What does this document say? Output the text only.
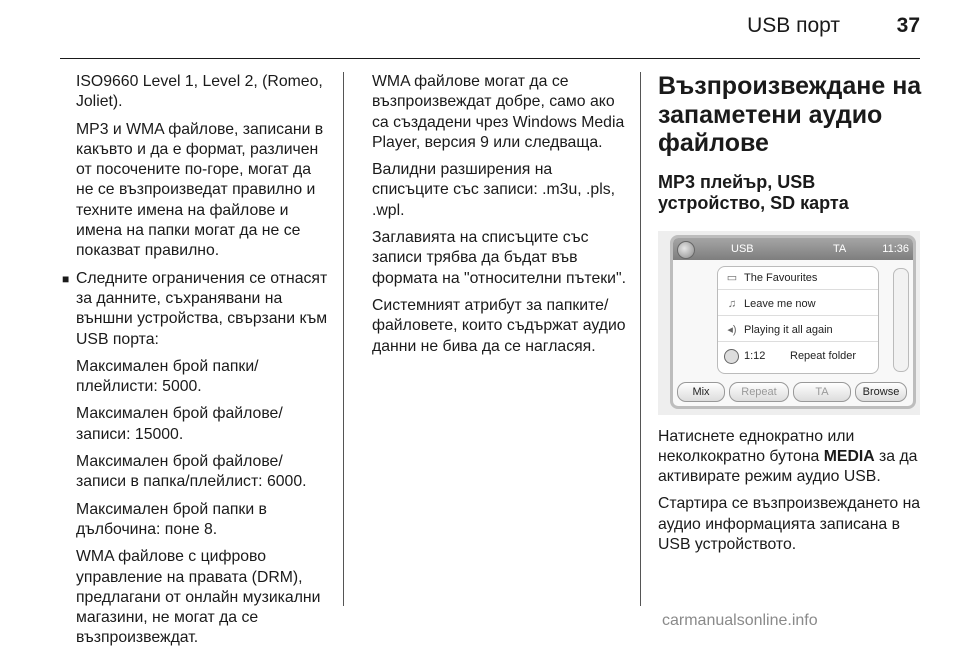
USB порт	37

ISO9660 Level 1, Level 2, (Romeo, Joliet).

MP3 и WMA файлове, записани в какъвто и да е формат, различен от посочените по-горе, могат да не се възпроизведат правилно и техните имена на файлове и имена на папки могат да не се показват правилно.

■ Следните ограничения се отнасят за данните, съхранявани на външни устройства, свързани към USB порта:

Максимален брой папки/ плейлисти: 5000.

Максимален брой файлове/ записи: 15000.

Максимален брой файлове/ записи в папка/плейлист: 6000.

Максимален брой папки в дълбочина: поне 8.

WMA файлове с цифрово управление на правата (DRM), предлагани от онлайн музикални магазини, не могат да се възпроизвеждат.

WMA файлове могат да се възпроизвеждат добре, само ако са създадени чрез Windows Media Player, версия 9 или следваща.

Валидни разширения на списъците със записи: .m3u, .pls, .wpl.

Заглавията на списъците със записи трябва да бъдат във формата на "относителни пътеки".

Системният атрибут за папките/ файловете, които съдържат аудио данни не бива да се нагласяя.

Възпроизвеждане на запаметени аудио файлове
MP3 плейър, USB устройство, SD карта
USB	TA	11:36
▭ The Favourites
♫ Leave me now
◂) Playing it all again
1:12 Repeat folder
Mix	Repeat	TA	Browse

Натиснете еднократно или неколкократно бутона MEDIA за да активирате режим аудио USB.

Стартира се възпроизвеждането на аудио информацията записана в USB устройството.

carmanualsonline.info
